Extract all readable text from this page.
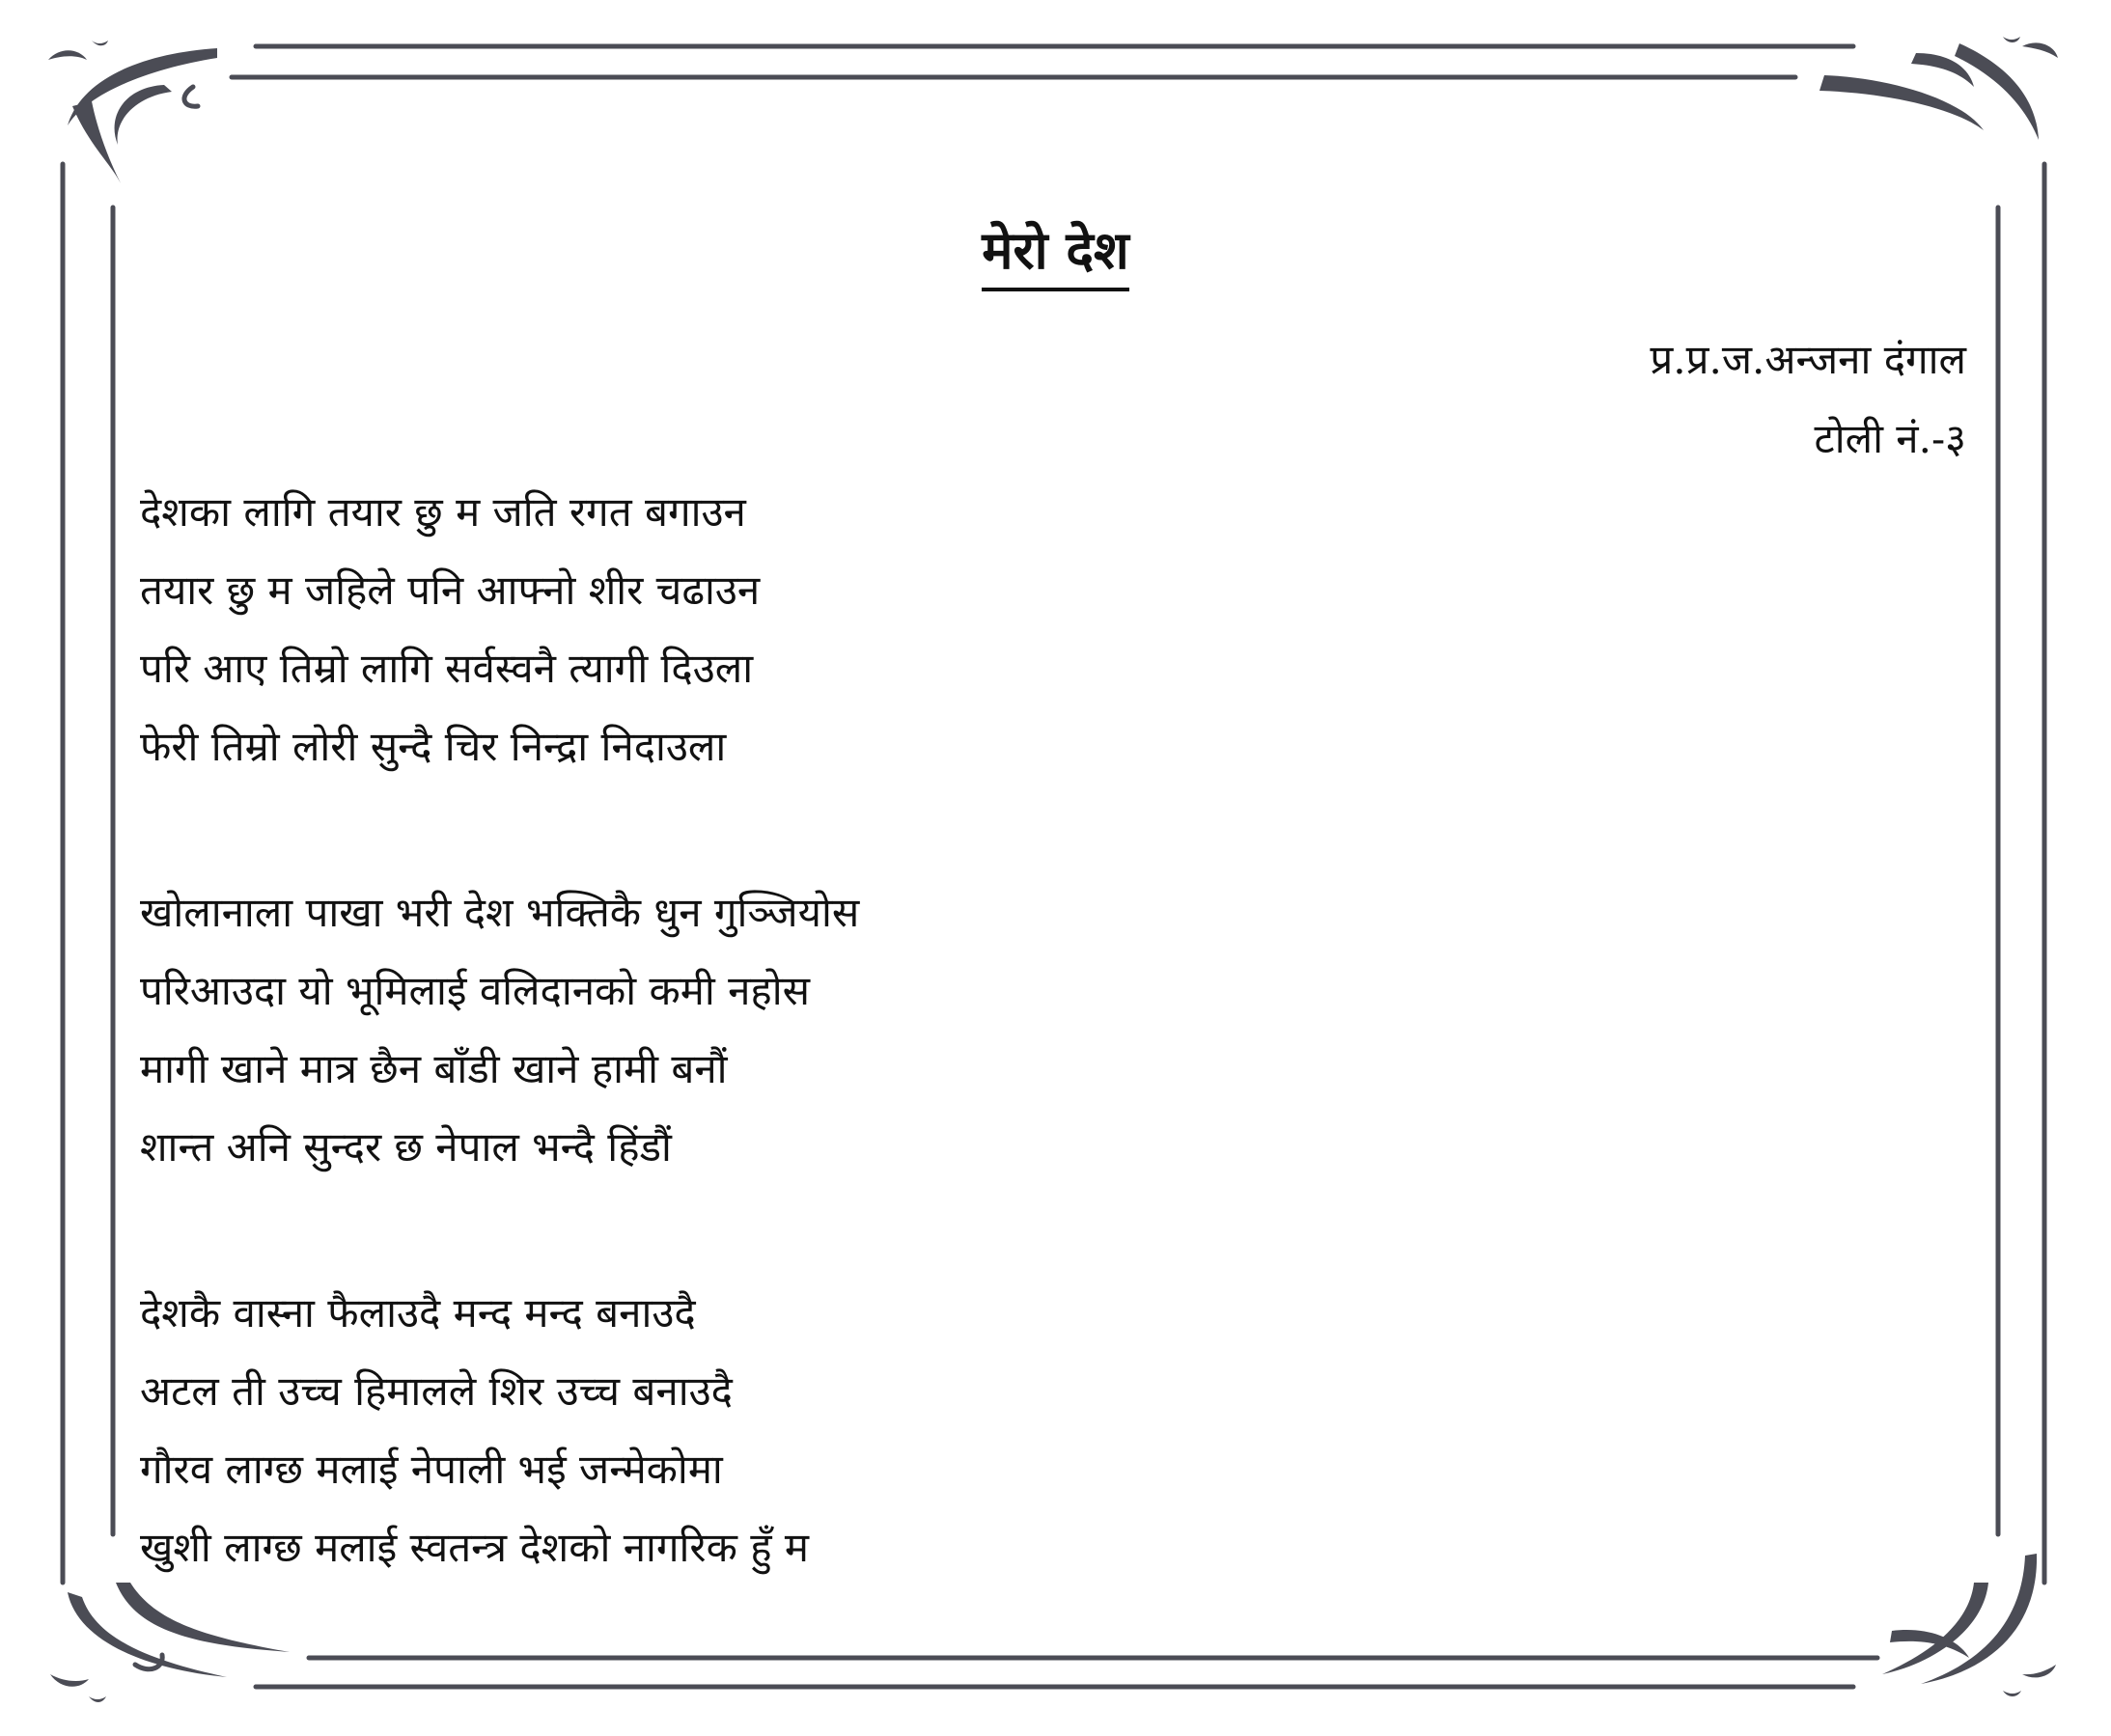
मेरो देश
प्र.प्र.ज.अन्जना दंगाल
टोली नं.-३
देशका लागि तयार छु म जति रगत बगाउन
तयार छु म जहिले पनि आफ्नो शीर चढाउन
परि आए तिम्रो लागि सर्वस्वनै त्यागी दिउला
फेरी तिम्रो लोरी सुन्दै चिर निन्द्रा निदाउला
खोलानाला पाखा भरी देश भक्तिकै धुन गुञ्जियोस
परिआउदा यो भूमिलाई वलिदानको कमी नहोस
मागी खाने मात्र छैन बाँडी खाने हामी बनौं
शान्त अनि सुन्दर छ नेपाल भन्दै हिंडौं
देशकै वास्ना फैलाउदै मन्द मन्द बनाउदै
अटल ती उच्च हिमालले शिर उच्च बनाउदै
गौरव लाग्छ मलाई नेपाली भई जन्मेकोमा
खुशी लाग्छ मलाई स्वतन्त्र देशको नागरिक हुँ म
